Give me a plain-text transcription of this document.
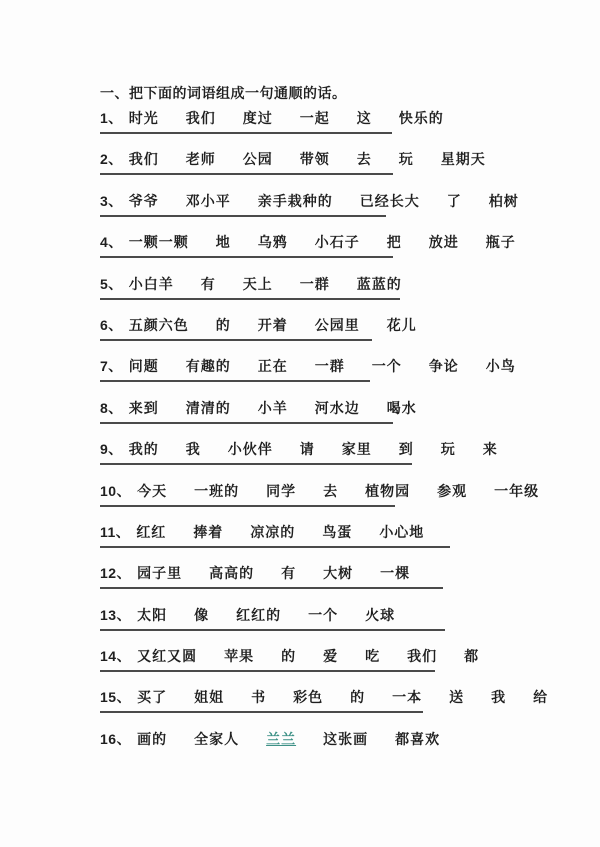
一、把下面的词语组成一句通顺的话。
1、 时光 我们 度过 一起 这 快乐的
2、 我们 老师 公园 带领 去 玩 星期天
3、 爷爷 邓小平 亲手栽种的 已经长大 了 柏树
4、 一颗一颗 地 乌鸦 小石子 把 放进 瓶子
5、 小白羊 有 天上 一群 蓝蓝的
6、 五颜六色 的 开着 公园里 花儿
7、 问题 有趣的 正在 一群 一个 争论 小鸟
8、 来到 清清的 小羊 河水边 喝水
9、 我的 我 小伙伴 请 家里 到 玩 来
10、 今天 一班的 同学 去 植物园 参观 一年级
11、 红红 捧着 凉凉的 鸟蛋 小心地
12、 园子里 高高的 有 大树 一棵
13、 太阳 像 红红的 一个 火球
14、 又红又圆 苹果 的 爱 吃 我们 都
15、 买了 姐姐 书 彩色 的 一本 送 我 给
16、 画的 全家人 兰兰 这张画 都喜欢
